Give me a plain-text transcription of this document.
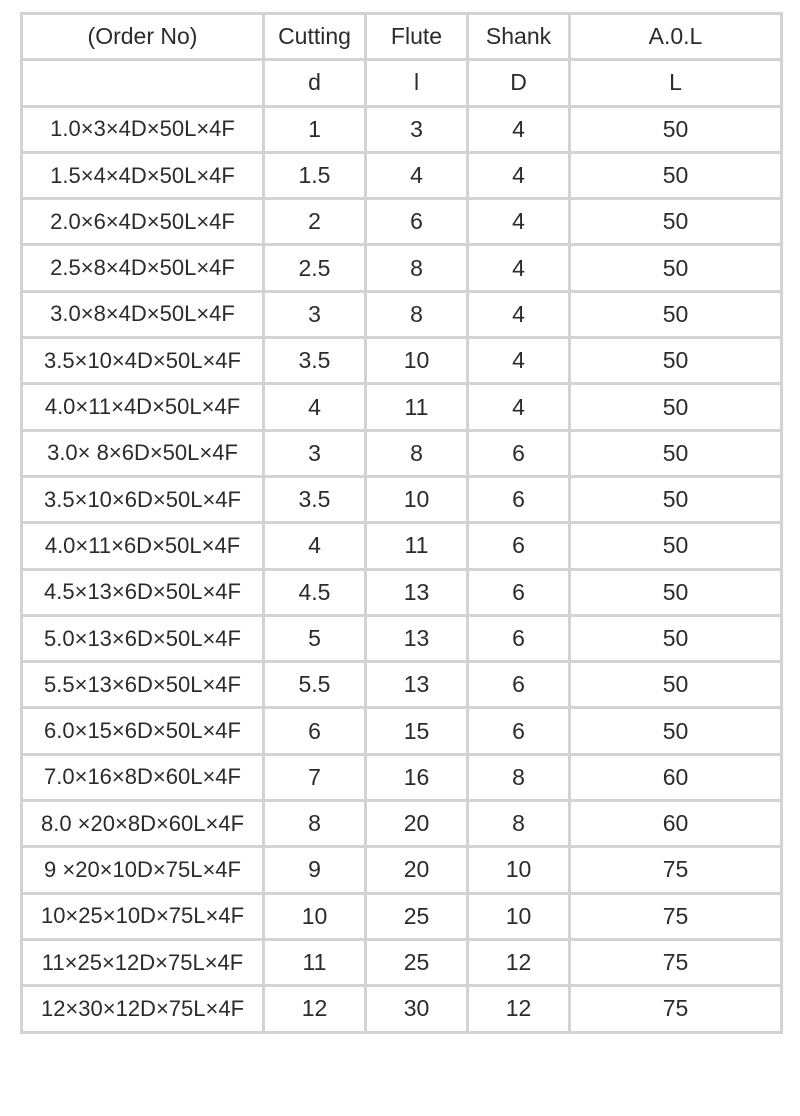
(Order No)	Cutting	Flute	Shank	A.0.L
	d	l	D	L
1.0×3×4D×50L×4F	1	3	4	50
1.5×4×4D×50L×4F	1.5	4	4	50
2.0×6×4D×50L×4F	2	6	4	50
2.5×8×4D×50L×4F	2.5	8	4	50
3.0×8×4D×50L×4F	3	8	4	50
3.5×10×4D×50L×4F	3.5	10	4	50
4.0×11×4D×50L×4F	4	11	4	50
3.0× 8×6D×50L×4F	3	8	6	50
3.5×10×6D×50L×4F	3.5	10	6	50
4.0×11×6D×50L×4F	4	11	6	50
4.5×13×6D×50L×4F	4.5	13	6	50
5.0×13×6D×50L×4F	5	13	6	50
5.5×13×6D×50L×4F	5.5	13	6	50
6.0×15×6D×50L×4F	6	15	6	50
7.0×16×8D×60L×4F	7	16	8	60
8.0 ×20×8D×60L×4F	8	20	8	60
9 ×20×10D×75L×4F	9	20	10	75
10×25×10D×75L×4F	10	25	10	75
11×25×12D×75L×4F	11	25	12	75
12×30×12D×75L×4F	12	30	12	75
